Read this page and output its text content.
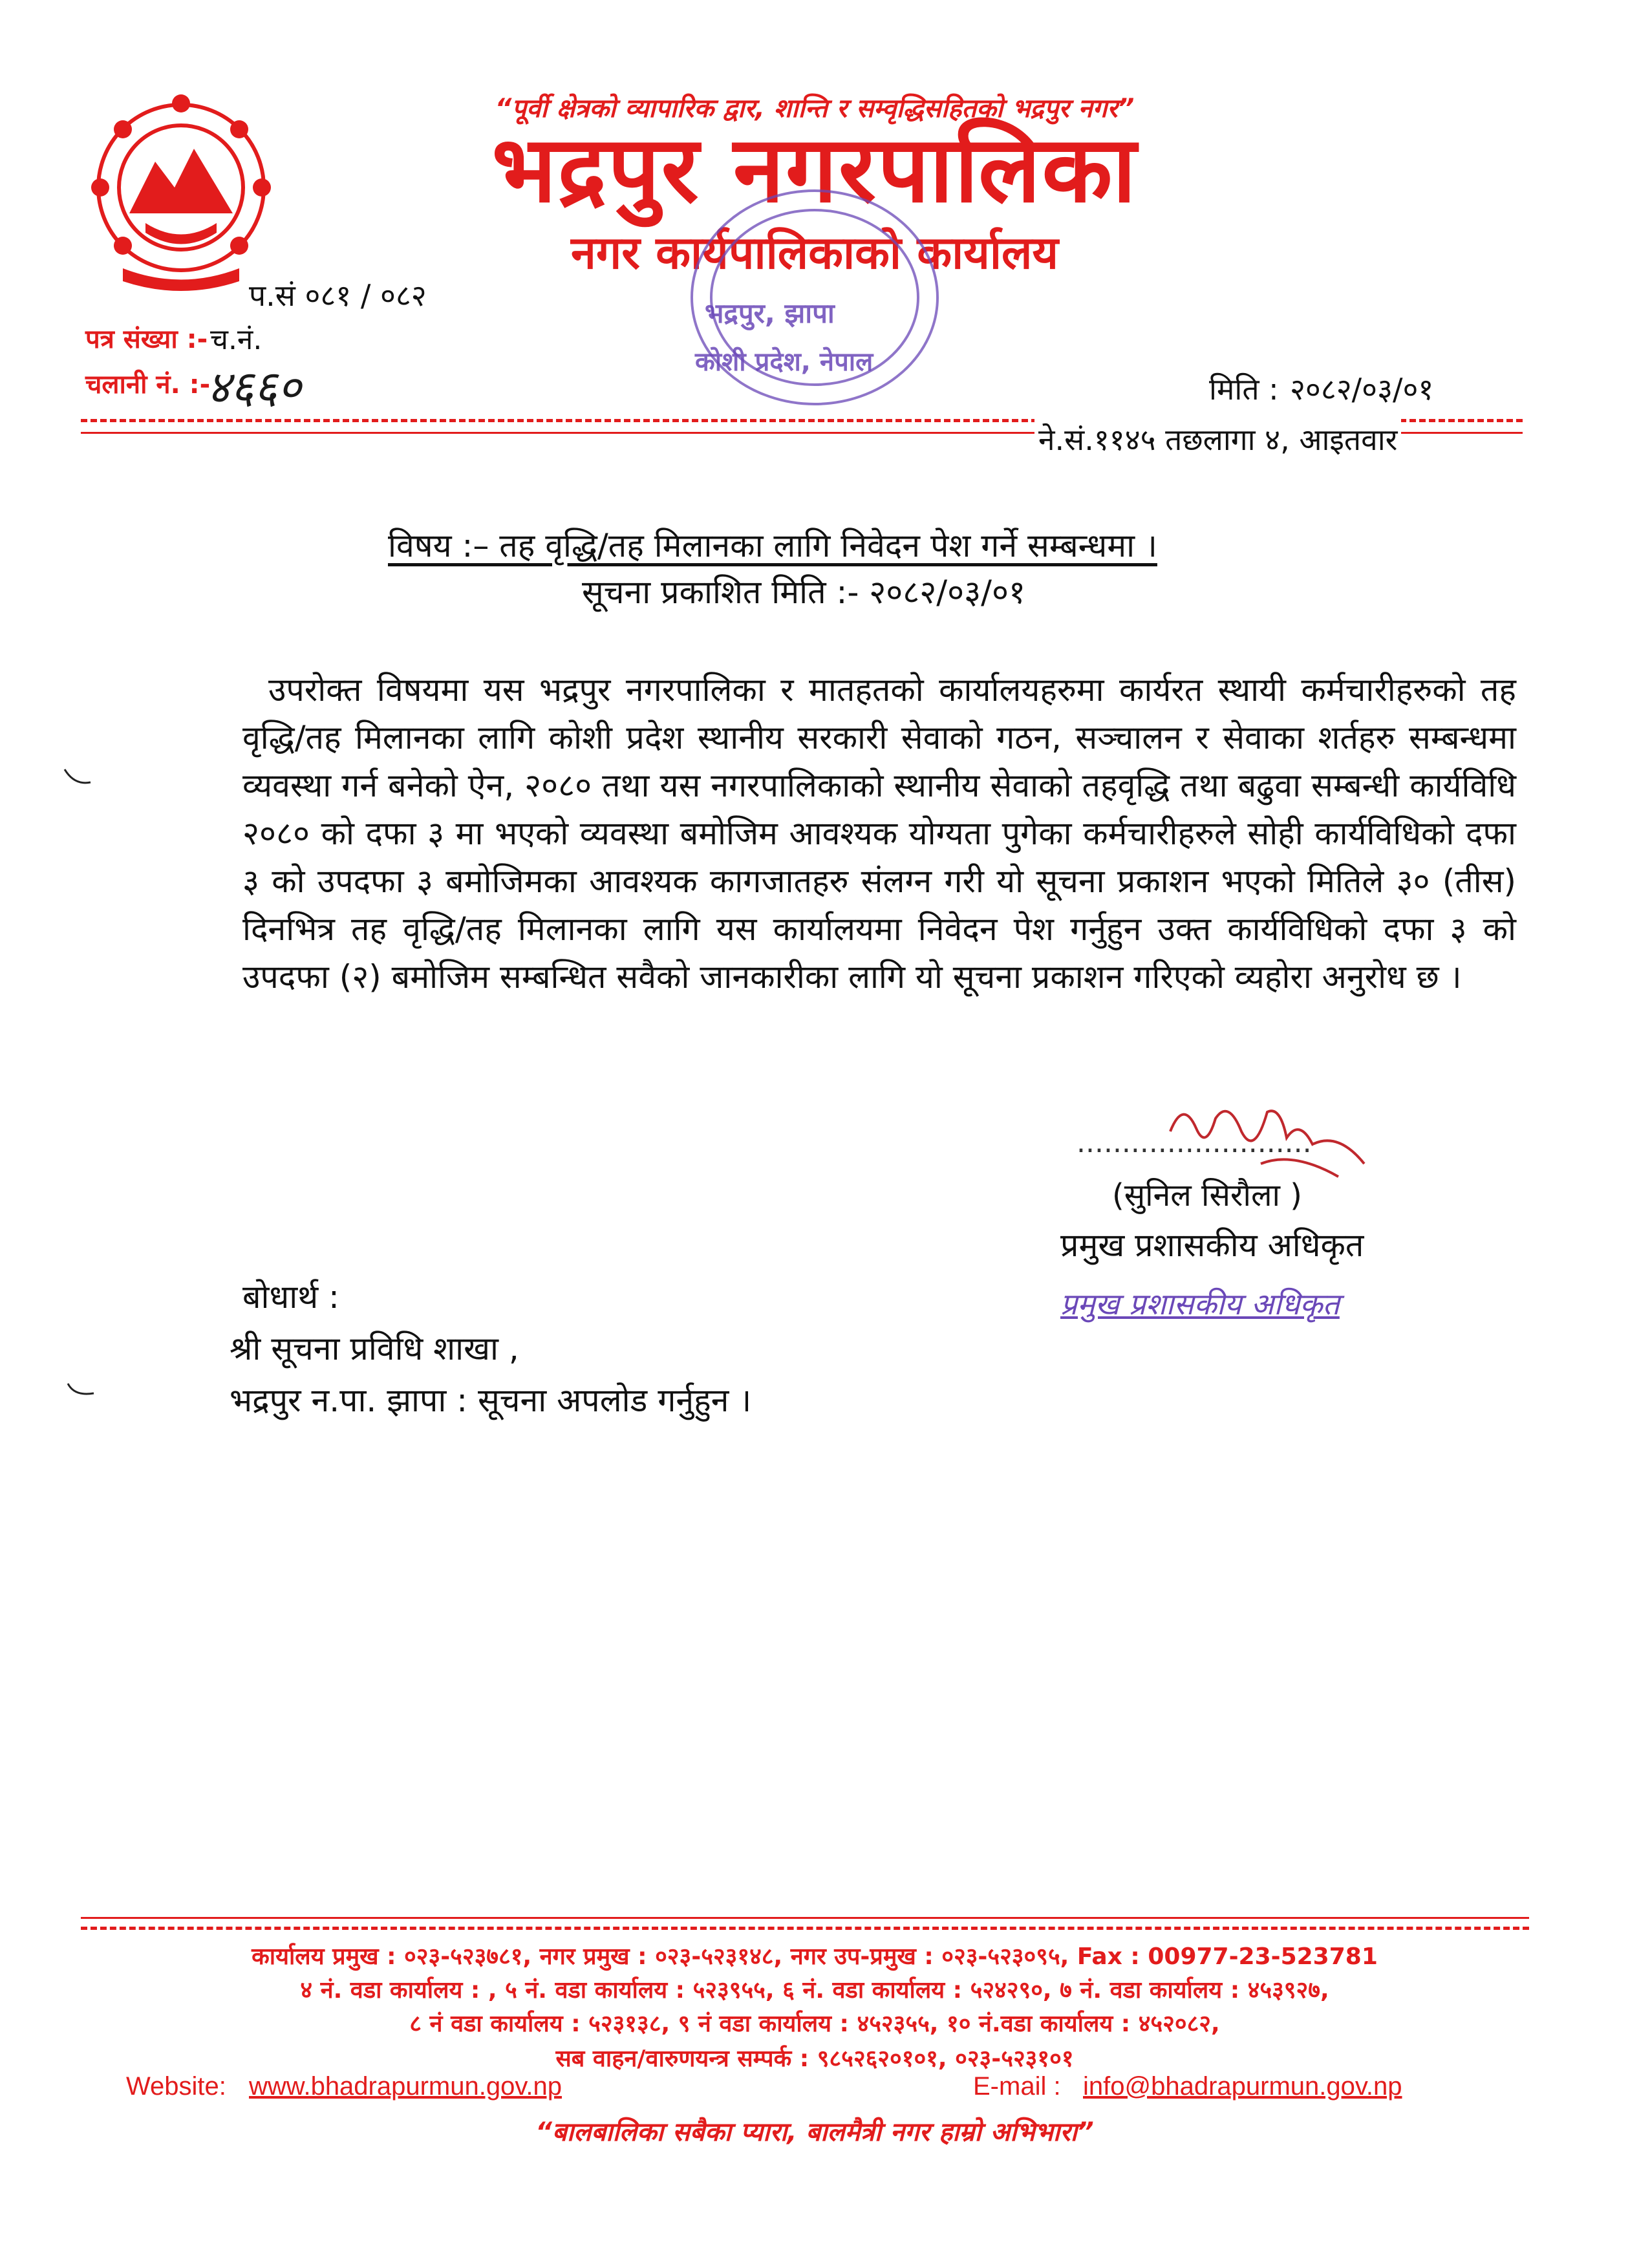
“पूर्वी क्षेत्रको व्यापारिक द्वार, शान्ति र सम्वृद्धिसहितको भद्रपुर नगर”
भद्रपुर नगरपालिका
नगर कार्यपालिकाको कार्यालय
प.सं ०८१ / ०८२
पत्र संख्या :- च.नं.
चलानी नं. :-
४६६०
भद्रपुर, झापा
कोशी प्रदेश, नेपाल
मिति : २०८२/०३/०१
ने.सं.११४५ तछलागा ४, आइतवार
विषय :– तह वृद्धि/तह मिलानका लागि निवेदन पेश गर्ने सम्बन्धमा ।
सूचना प्रकाशित मिति :- २०८२/०३/०१
उपरोक्त विषयमा यस भद्रपुर नगरपालिका र मातहतको कार्यालयहरुमा कार्यरत स्थायी कर्मचारीहरुको तह वृद्धि/तह मिलानका लागि कोशी प्रदेश स्थानीय सरकारी सेवाको गठन, सञ्चालन र सेवाका शर्तहरु सम्बन्धमा व्यवस्था गर्न बनेको ऐन, २०८० तथा यस नगरपालिकाको स्थानीय सेवाको तहवृद्धि तथा बढुवा सम्बन्धी कार्यविधि २०८० को दफा ३ मा भएको व्यवस्था बमोजिम आवश्यक योग्यता पुगेका कर्मचारीहरुले सोही कार्यविधिको दफा ३ को उपदफा ३ बमोजिमका आवश्यक कागजातहरु संलग्न गरी यो सूचना प्रकाशन भएको मितिले ३० (तीस) दिनभित्र तह वृद्धि/तह मिलानका लागि यस कार्यालयमा निवेदन पेश गर्नुहुन उक्त कार्यविधिको दफा ३ को उपदफा (२) बमोजिम सम्बन्धित सवैको जानकारीका लागि यो सूचना प्रकाशन गरिएको व्यहोरा अनुरोध छ ।
..........................
(सुनिल सिरौला )
प्रमुख प्रशासकीय अधिकृत
प्रमुख प्रशासकीय अधिकृत
बोधार्थ :
श्री सूचना प्रविधि शाखा ,
भद्रपुर न.पा. झापा : सूचना अपलोड गर्नुहुन ।
कार्यालय प्रमुख : ०२३-५२३७८१, नगर प्रमुख : ०२३-५२३१४८, नगर उप-प्रमुख : ०२३-५२३०९५, Fax : 00977-23-523781
४ नं. वडा कार्यालय : , ५ नं. वडा कार्यालय : ५२३९५५, ६ नं. वडा कार्यालय : ५२४२९०, ७ नं. वडा कार्यालय : ४५३९२७,
८ नं वडा कार्यालय : ५२३१३८, ९ नं वडा कार्यालय : ४५२३५५, १० नं.वडा कार्यालय : ४५२०८२,
सब वाहन/वारुणयन्त्र सम्पर्क : ९८५२६२०१०१, ०२३-५२३१०१
Website: www.bhadrapurmun.gov.np	E-mail : info@bhadrapurmun.gov.np
“बालबालिका सबैका प्यारा, बालमैत्री नगर हाम्रो अभिभारा”
